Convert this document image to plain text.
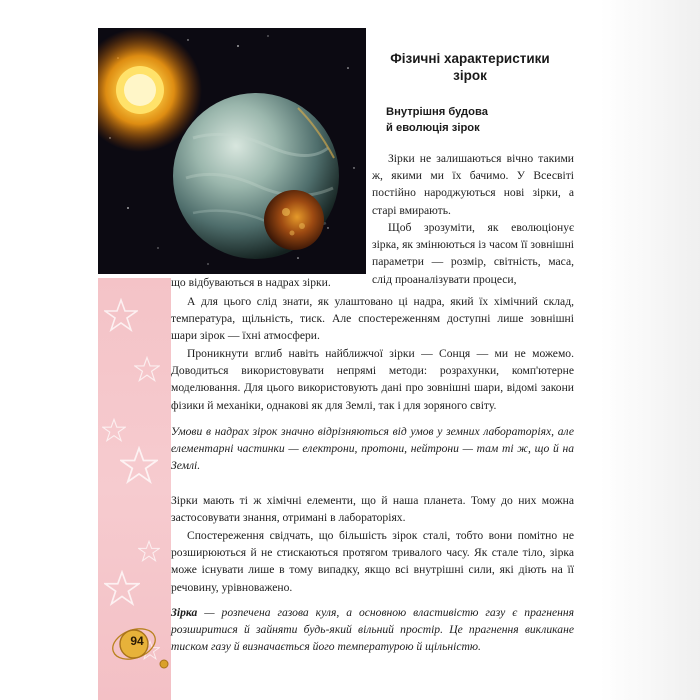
Фізичні характеристики
зірок
Внутрішня будова
й еволюція зірок
Зірки не залишаються вічно такими ж, якими ми їх бачимо. У Всесвіті постійно народжуються нові зірки, а старі вмирають.
Щоб зрозуміти, як еволюціонує зірка, як змінюються із часом її зовнішні параметри — розмір, світність, маса, слід проаналізувати процеси,
що відбуваються в надрах зірки.
А для цього слід знати, як улаштовано ці надра, який їх хімічний склад, температура, щільність, тиск. Але спостереженням доступні лише зовнішні шари зірок — їхні атмосфери.
Проникнути вглиб навіть найближчої зірки — Сонця — ми не можемо. Доводиться використовувати непрямі методи: розрахунки, комп'ютерне моделювання. Для цього використовують дані про зовнішні шари, відомі закони фізики й механіки, однакові як для Землі, так і для зоряного світу.
Умови в надрах зірок значно відрізняються від умов у земних лабораторіях, але елементарні частинки — електрони, протони, нейтрони — там ті ж, що й на Землі.
Зірки мають ті ж хімічні елементи, що й наша планета. Тому до них можна застосовувати знання, отримані в лабораторіях.
Спостереження свідчать, що більшість зірок сталі, тобто вони помітно не розширюються й не стискаються протягом тривалого часу. Як стале тіло, зірка може існувати лише в тому випадку, якщо всі внутрішні сили, які діють на її речовину, урівноважено.
Зірка — розпечена газова куля, а основною властивістю газу є прагнення розширитися й зайняти будь-який вільний простір. Це прагнення викликане тиском газу й визначається його температурою й щільністю.
94
